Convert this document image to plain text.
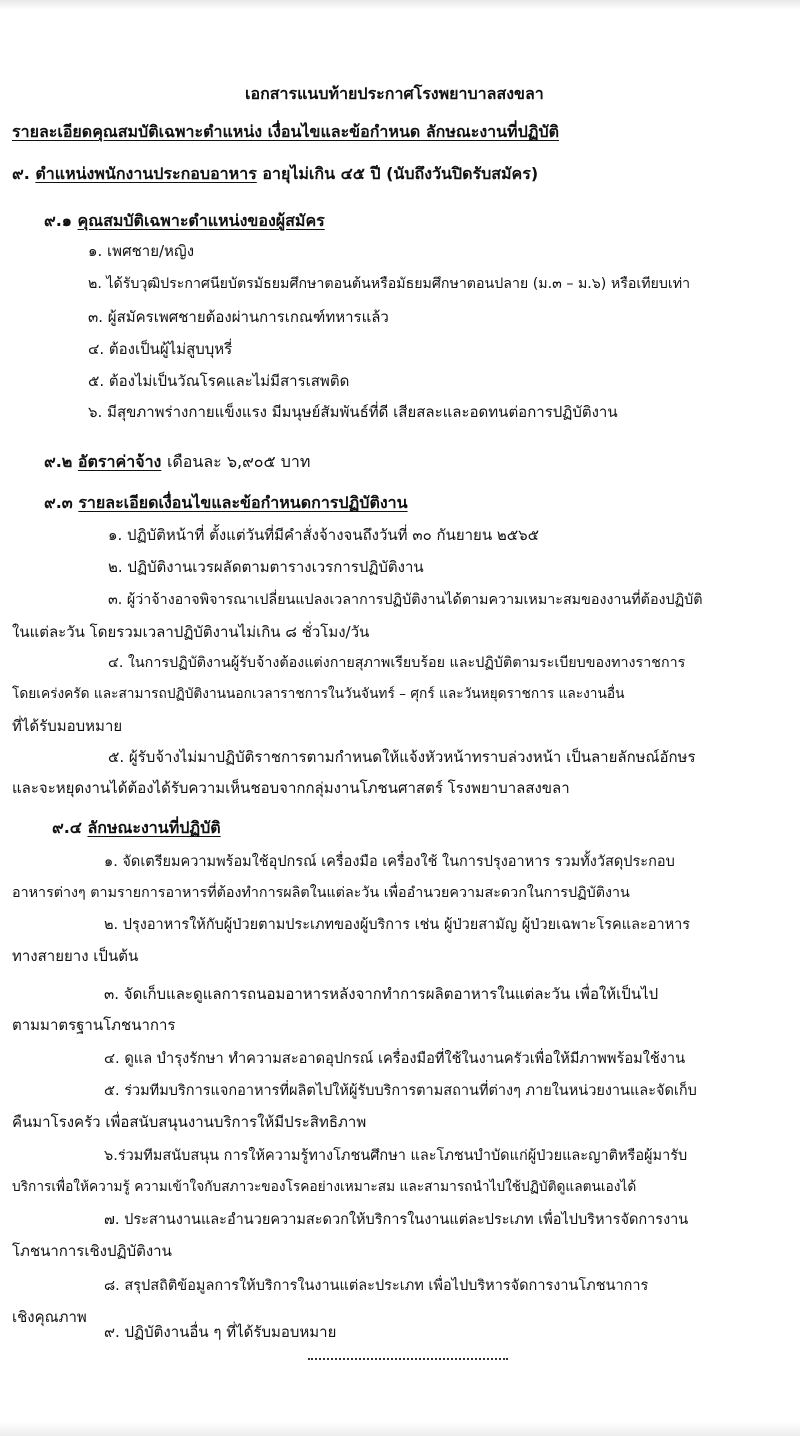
เอกสารแนบท้ายประกาศโรงพยาบาลสงขลา
รายละเอียดคุณสมบัติเฉพาะตำแหน่ง เงื่อนไขและข้อกำหนด ลักษณะงานที่ปฏิบัติ
๙. ตำแหน่งพนักงานประกอบอาหาร อายุไม่เกิน ๔๕ ปี (นับถึงวันปิดรับสมัคร)
๙.๑ คุณสมบัติเฉพาะตำแหน่งของผู้สมัคร
๑. เพศชาย/หญิง
๒. ได้รับวุฒิประกาศนียบัตรมัธยมศึกษาตอนต้นหรือมัธยมศึกษาตอนปลาย (ม.๓ – ม.๖) หรือเทียบเท่า
๓. ผู้สมัครเพศชายต้องผ่านการเกณฑ์ทหารแล้ว
๔. ต้องเป็นผู้ไม่สูบบุหรี่
๕. ต้องไม่เป็นวัณโรคและไม่มีสารเสพติด
๖. มีสุขภาพร่างกายแข็งแรง มีมนุษย์สัมพันธ์ที่ดี เสียสละและอดทนต่อการปฏิบัติงาน
๙.๒ อัตราค่าจ้าง เดือนละ ๖,๙๐๕ บาท
๙.๓ รายละเอียดเงื่อนไขและข้อกำหนดการปฏิบัติงาน
๑. ปฏิบัติหน้าที่ ตั้งแต่วันที่มีคำสั่งจ้างจนถึงวันที่ ๓๐ กันยายน ๒๕๖๕
๒. ปฏิบัติงานเวรผลัดตามตารางเวรการปฏิบัติงาน
๓. ผู้ว่าจ้างอาจพิจารณาเปลี่ยนแปลงเวลาการปฏิบัติงานได้ตามความเหมาะสมของงานที่ต้องปฏิบัติ
ในแต่ละวัน โดยรวมเวลาปฏิบัติงานไม่เกิน ๘ ชั่วโมง/วัน
๔. ในการปฏิบัติงานผู้รับจ้างต้องแต่งกายสุภาพเรียบร้อย และปฏิบัติตามระเบียบของทางราชการ
โดยเคร่งครัด และสามารถปฏิบัติงานนอกเวลาราชการในวันจันทร์ – ศุกร์ และวันหยุดราชการ และงานอื่น
ที่ได้รับมอบหมาย
๕. ผู้รับจ้างไม่มาปฏิบัติราชการตามกำหนดให้แจ้งหัวหน้าทราบล่วงหน้า เป็นลายลักษณ์อักษร
และจะหยุดงานได้ต้องได้รับความเห็นชอบจากกลุ่มงานโภชนศาสตร์ โรงพยาบาลสงขลา
๙.๔ ลักษณะงานที่ปฏิบัติ
๑. จัดเตรียมความพร้อมใช้อุปกรณ์ เครื่องมือ เครื่องใช้ ในการปรุงอาหาร รวมทั้งวัสดุประกอบ
อาหารต่างๆ ตามรายการอาหารที่ต้องทำการผลิตในแต่ละวัน เพื่ออำนวยความสะดวกในการปฏิบัติงาน
๒. ปรุงอาหารให้กับผู้ป่วยตามประเภทของผู้บริการ เช่น ผู้ป่วยสามัญ ผู้ป่วยเฉพาะโรคและอาหาร
ทางสายยาง เป็นต้น
๓. จัดเก็บและดูแลการถนอมอาหารหลังจากทำการผลิตอาหารในแต่ละวัน เพื่อให้เป็นไป
ตามมาตรฐานโภชนาการ
๔. ดูแล บำรุงรักษา ทำความสะอาดอุปกรณ์ เครื่องมือที่ใช้ในงานครัวเพื่อให้มีภาพพร้อมใช้งาน
๕. ร่วมทีมบริการแจกอาหารที่ผลิตไปให้ผู้รับบริการตามสถานที่ต่างๆ ภายในหน่วยงานและจัดเก็บ
คืนมาโรงครัว เพื่อสนับสนุนงานบริการให้มีประสิทธิภาพ
๖.ร่วมทีมสนับสนุน การให้ความรู้ทางโภชนศึกษา และโภชนบำบัดแก่ผู้ป่วยและญาติหรือผู้มารับ
บริการเพื่อให้ความรู้ ความเข้าใจกับสภาวะของโรคอย่างเหมาะสม และสามารถนำไปใช้ปฏิบัติดูแลตนเองได้
๗. ประสานงานและอำนวยความสะดวกให้บริการในงานแต่ละประเภท เพื่อไปบริหารจัดการงาน
โภชนาการเชิงปฏิบัติงาน
๘. สรุปสถิติข้อมูลการให้บริการในงานแต่ละประเภท เพื่อไปบริหารจัดการงานโภชนาการ
เชิงคุณภาพ
๙. ปฏิบัติงานอื่น ๆ ที่ได้รับมอบหมาย
